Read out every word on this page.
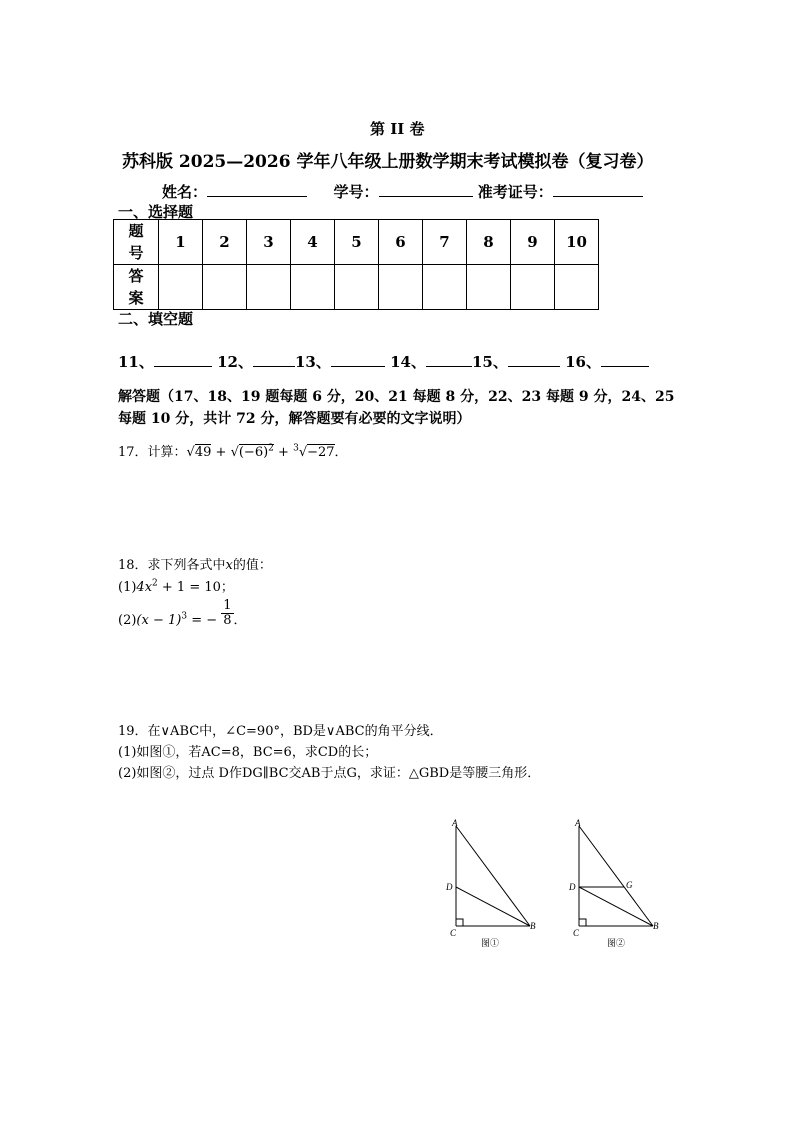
第 II 卷
苏科版 2025—2026 学年八年级上册数学期末考试模拟卷（复习卷）
姓名：	学号：	准考证号：
一、选择题
题
号	1	2	3	4	5	6	7	8	9	10

答
案										

二、填空题
11、	12、	13、	14、	15、	16、
解答题（17、18、19 题每题 6 分，20、21 每题 8 分，22、23 每题 9 分，24、25
每题 10 分，共计 72 分，解答题要有必要的文字说明）
17．计算：$√49 + √(-6)^2 + ^3√-27$．
18．求下列各式中x的值：
$(1)4x^2 + 1 = 10$；
$(2)(x - 1)^3$ = − $\frac{1}{8}$ ．
19．在∨ABC中，∠C=90°，BD是∨ABC的角平分线．
(1)如图①，若AC=8，BC=6，求CD的长；
(2)如图②，过点 D作DG∥BC交AB于点G，求证：△GBD是等腰三角形．
A
D
C
B
图①
A
D	G
C
B
图②
